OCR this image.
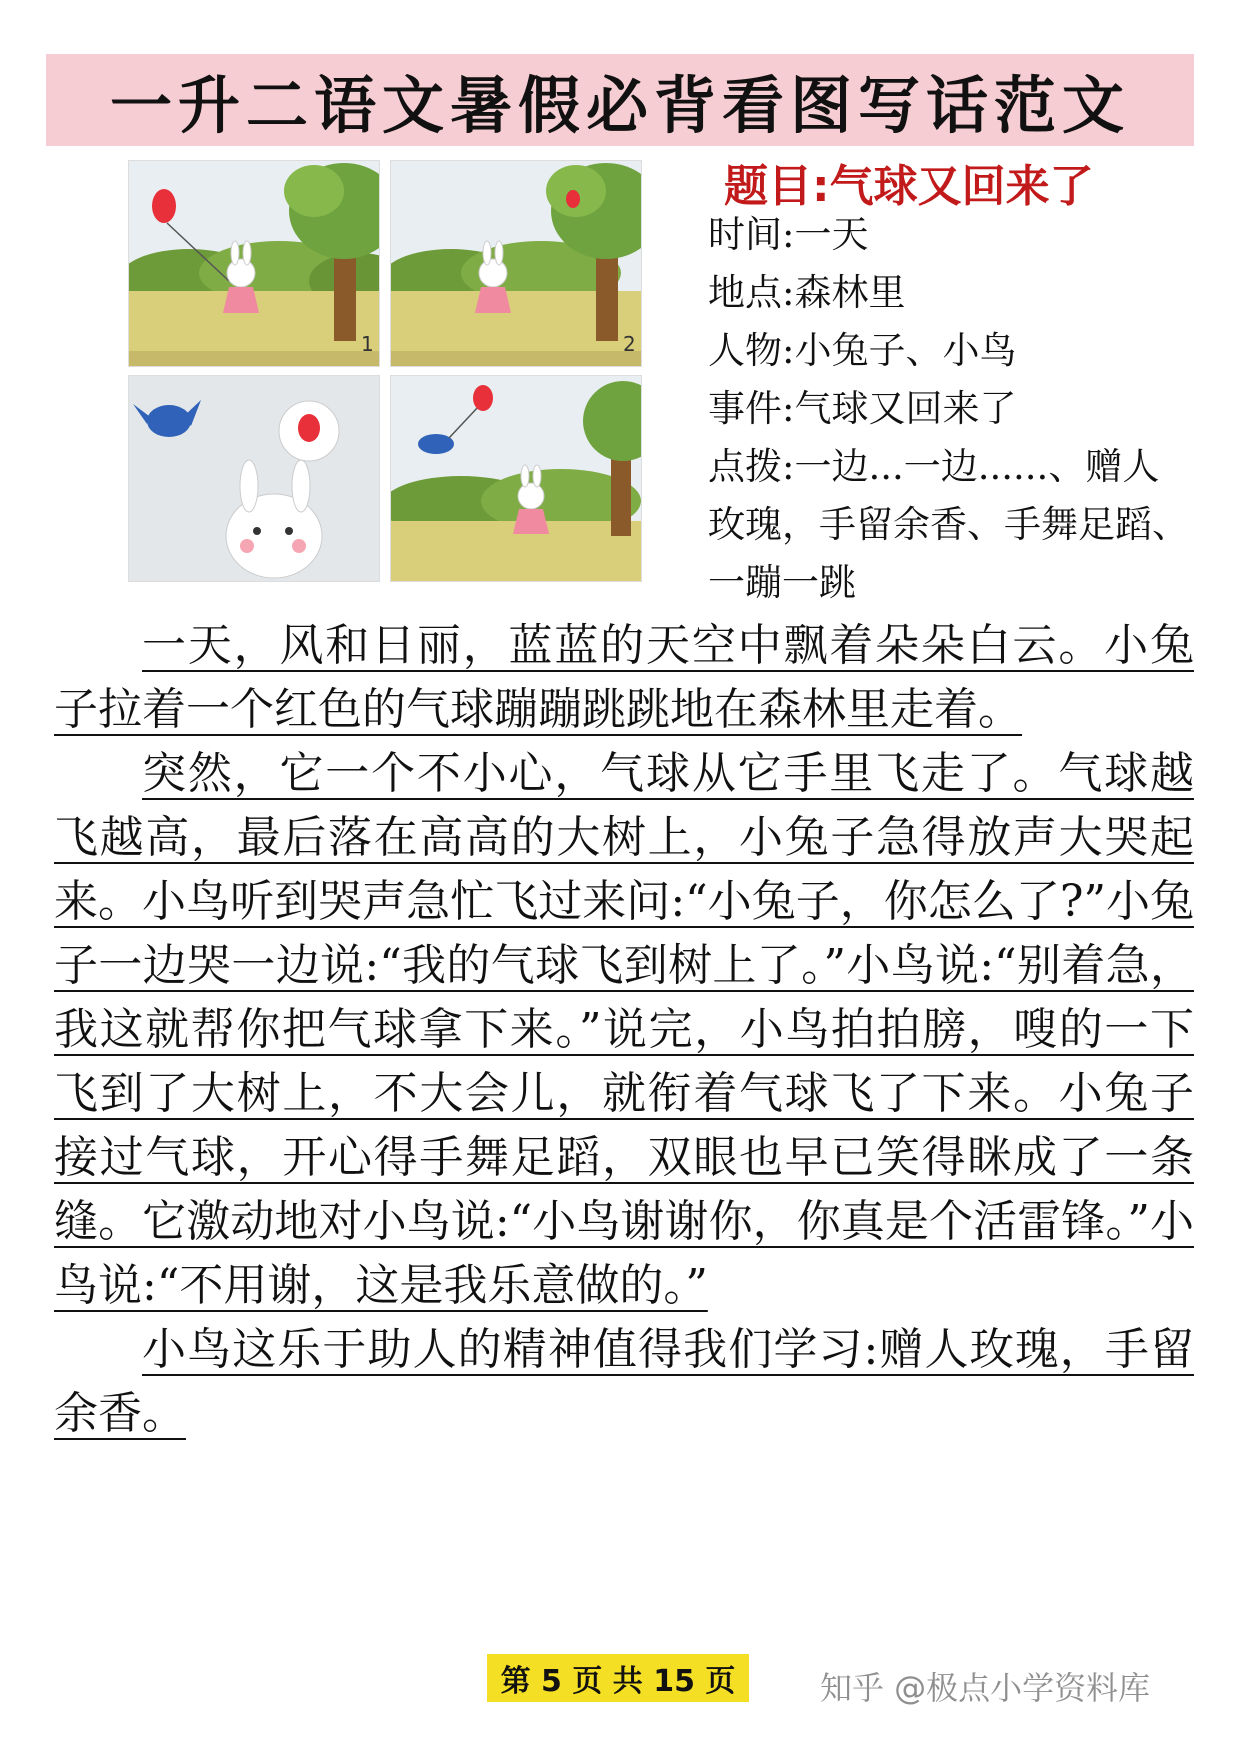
一升二语文暑假必背看图写话范文
1	2
题目:气球又回来了
时间:一天
地点:森林里
人物:小兔子、小鸟
事件:气球又回来了
点拨:一边...一边......、赠人玫瑰，手留余香、手舞足蹈、一蹦一跳

一天，风和日丽，蓝蓝的天空中飘着朵朵白云。小兔子拉着一个红色的气球蹦蹦跳跳地在森林里走着。

突然，它一个不小心，气球从它手里飞走了。气球越飞越高，最后落在高高的大树上，小兔子急得放声大哭起来。小鸟听到哭声急忙飞过来问:“小兔子，你怎么了?”小兔子一边哭一边说:“我的气球飞到树上了。”小鸟说:“别着急，我这就帮你把气球拿下来。”说完，小鸟拍拍膀，嗖的一下飞到了大树上，不大会儿，就衔着气球飞了下来。小兔子接过气球，开心得手舞足蹈，双眼也早已笑得眯成了一条缝。它激动地对小鸟说:“小鸟谢谢你，你真是个活雷锋。”小鸟说:“不用谢，这是我乐意做的。”

小鸟这乐于助人的精神值得我们学习:赠人玫瑰，手留余香。

第 5 页 共 15 页	知乎 @极点小学资料库
